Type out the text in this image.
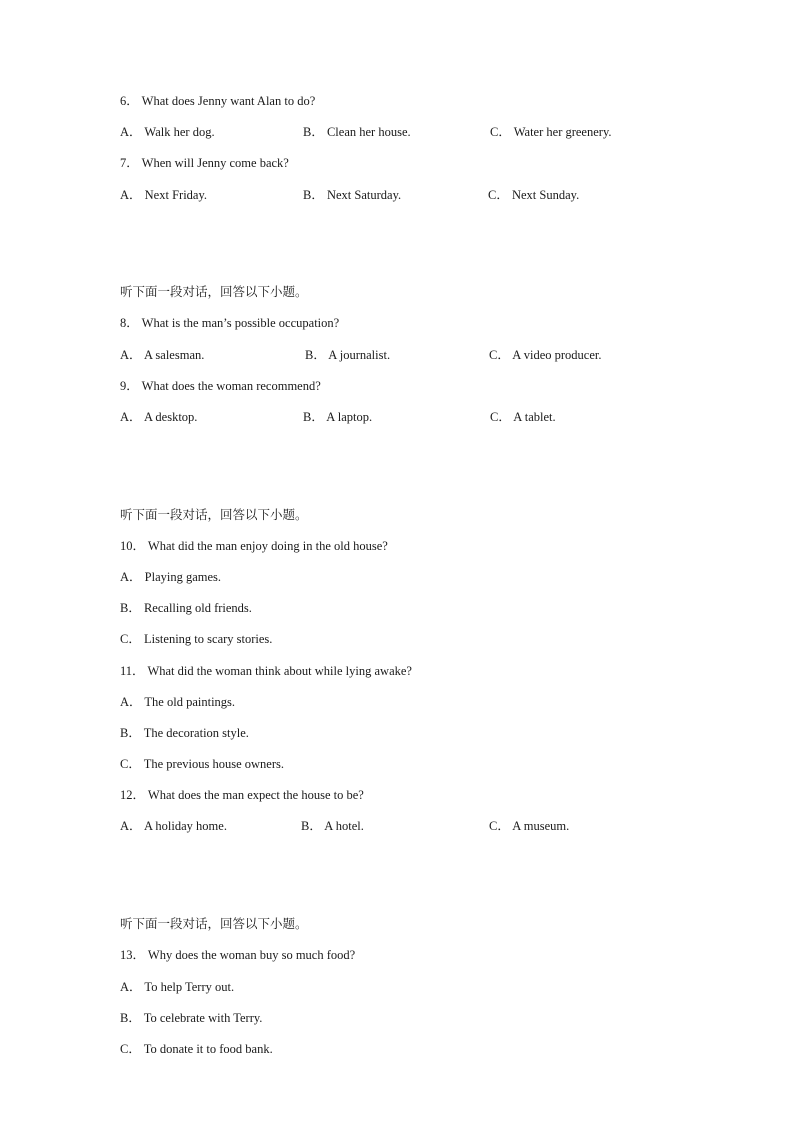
6． What does Jenny want Alan to do?
A． Walk her dog.	B． Clean her house.	C． Water her greenery.
7． When will Jenny come back?
A． Next Friday.	B． Next Saturday.	C． Next Sunday.
听下面一段对话，回答以下小题。
8． What is the man’s possible occupation?
A． A salesman.	B． A journalist.	C． A video producer.
9． What does the woman recommend?
A． A desktop.	B． A laptop.	C． A tablet.
听下面一段对话，回答以下小题。
10． What did the man enjoy doing in the old house?
A． Playing games.
B． Recalling old friends.
C． Listening to scary stories.
11． What did the woman think about while lying awake?
A． The old paintings.
B． The decoration style.
C． The previous house owners.
12． What does the man expect the house to be?
A． A holiday home.	B． A hotel.	C． A museum.
听下面一段对话，回答以下小题。
13． Why does the woman buy so much food?
A． To help Terry out.
B． To celebrate with Terry.
C． To donate it to food bank.
